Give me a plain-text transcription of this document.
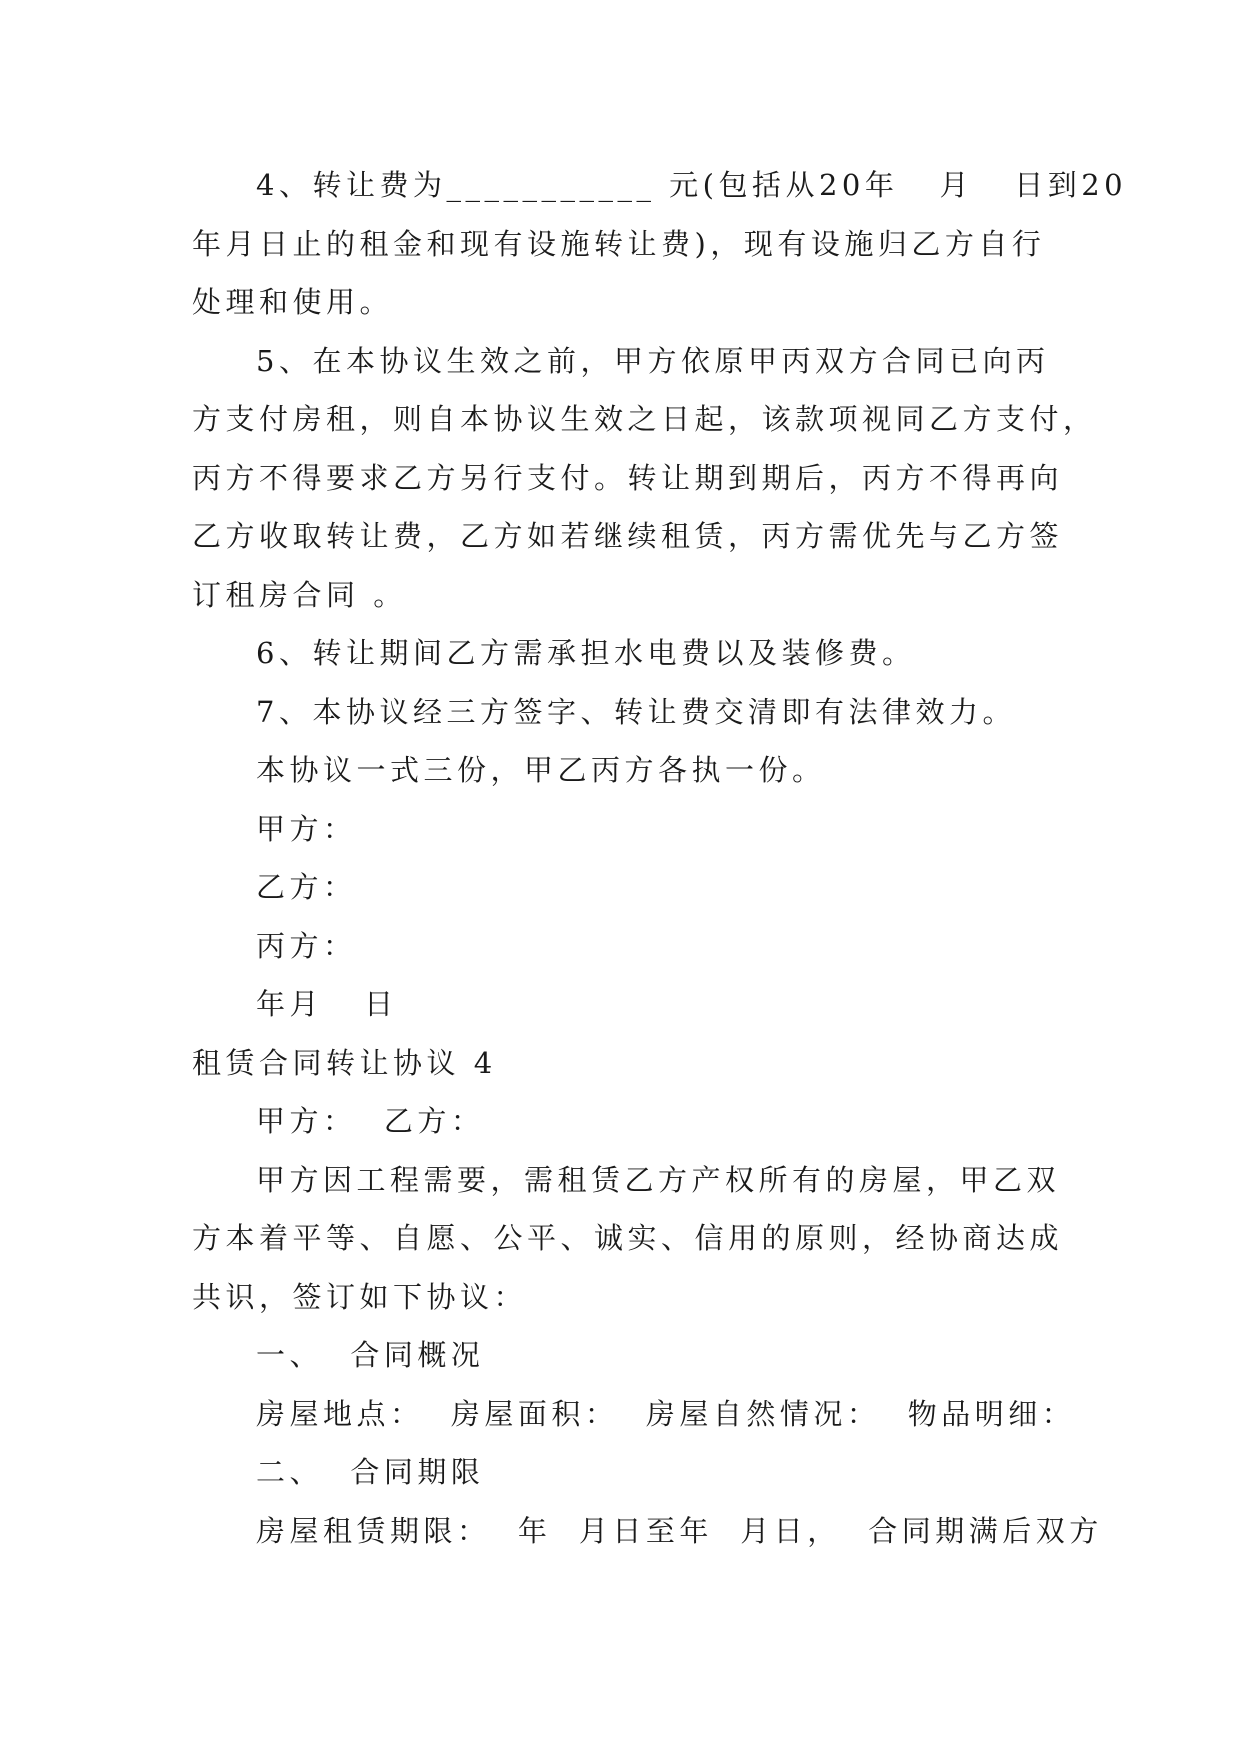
4、转让费为___________ 元(包括从20年   月   日到20
年月日止的租金和现有设施转让费)，现有设施归乙方自行
处理和使用。
5、在本协议生效之前，甲方依原甲丙双方合同已向丙
方支付房租，则自本协议生效之日起，该款项视同乙方支付，
丙方不得要求乙方另行支付。转让期到期后，丙方不得再向
乙方收取转让费，乙方如若继续租赁，丙方需优先与乙方签
订租房合同 。
6、转让期间乙方需承担水电费以及装修费。
7、本协议经三方签字、转让费交清即有法律效力。
本协议一式三份，甲乙丙方各执一份。
甲方：
乙方：
丙方：
年月   日
租赁合同转让协议 4
甲方：  乙方：
甲方因工程需要，需租赁乙方产权所有的房屋，甲乙双
方本着平等、自愿、公平、诚实、信用的原则，经协商达成
共识，签订如下协议：
一、  合同概况
房屋地点：  房屋面积：  房屋自然情况：  物品明细：
二、  合同期限
房屋租赁期限：  年  月日至年  月日，  合同期满后双方
